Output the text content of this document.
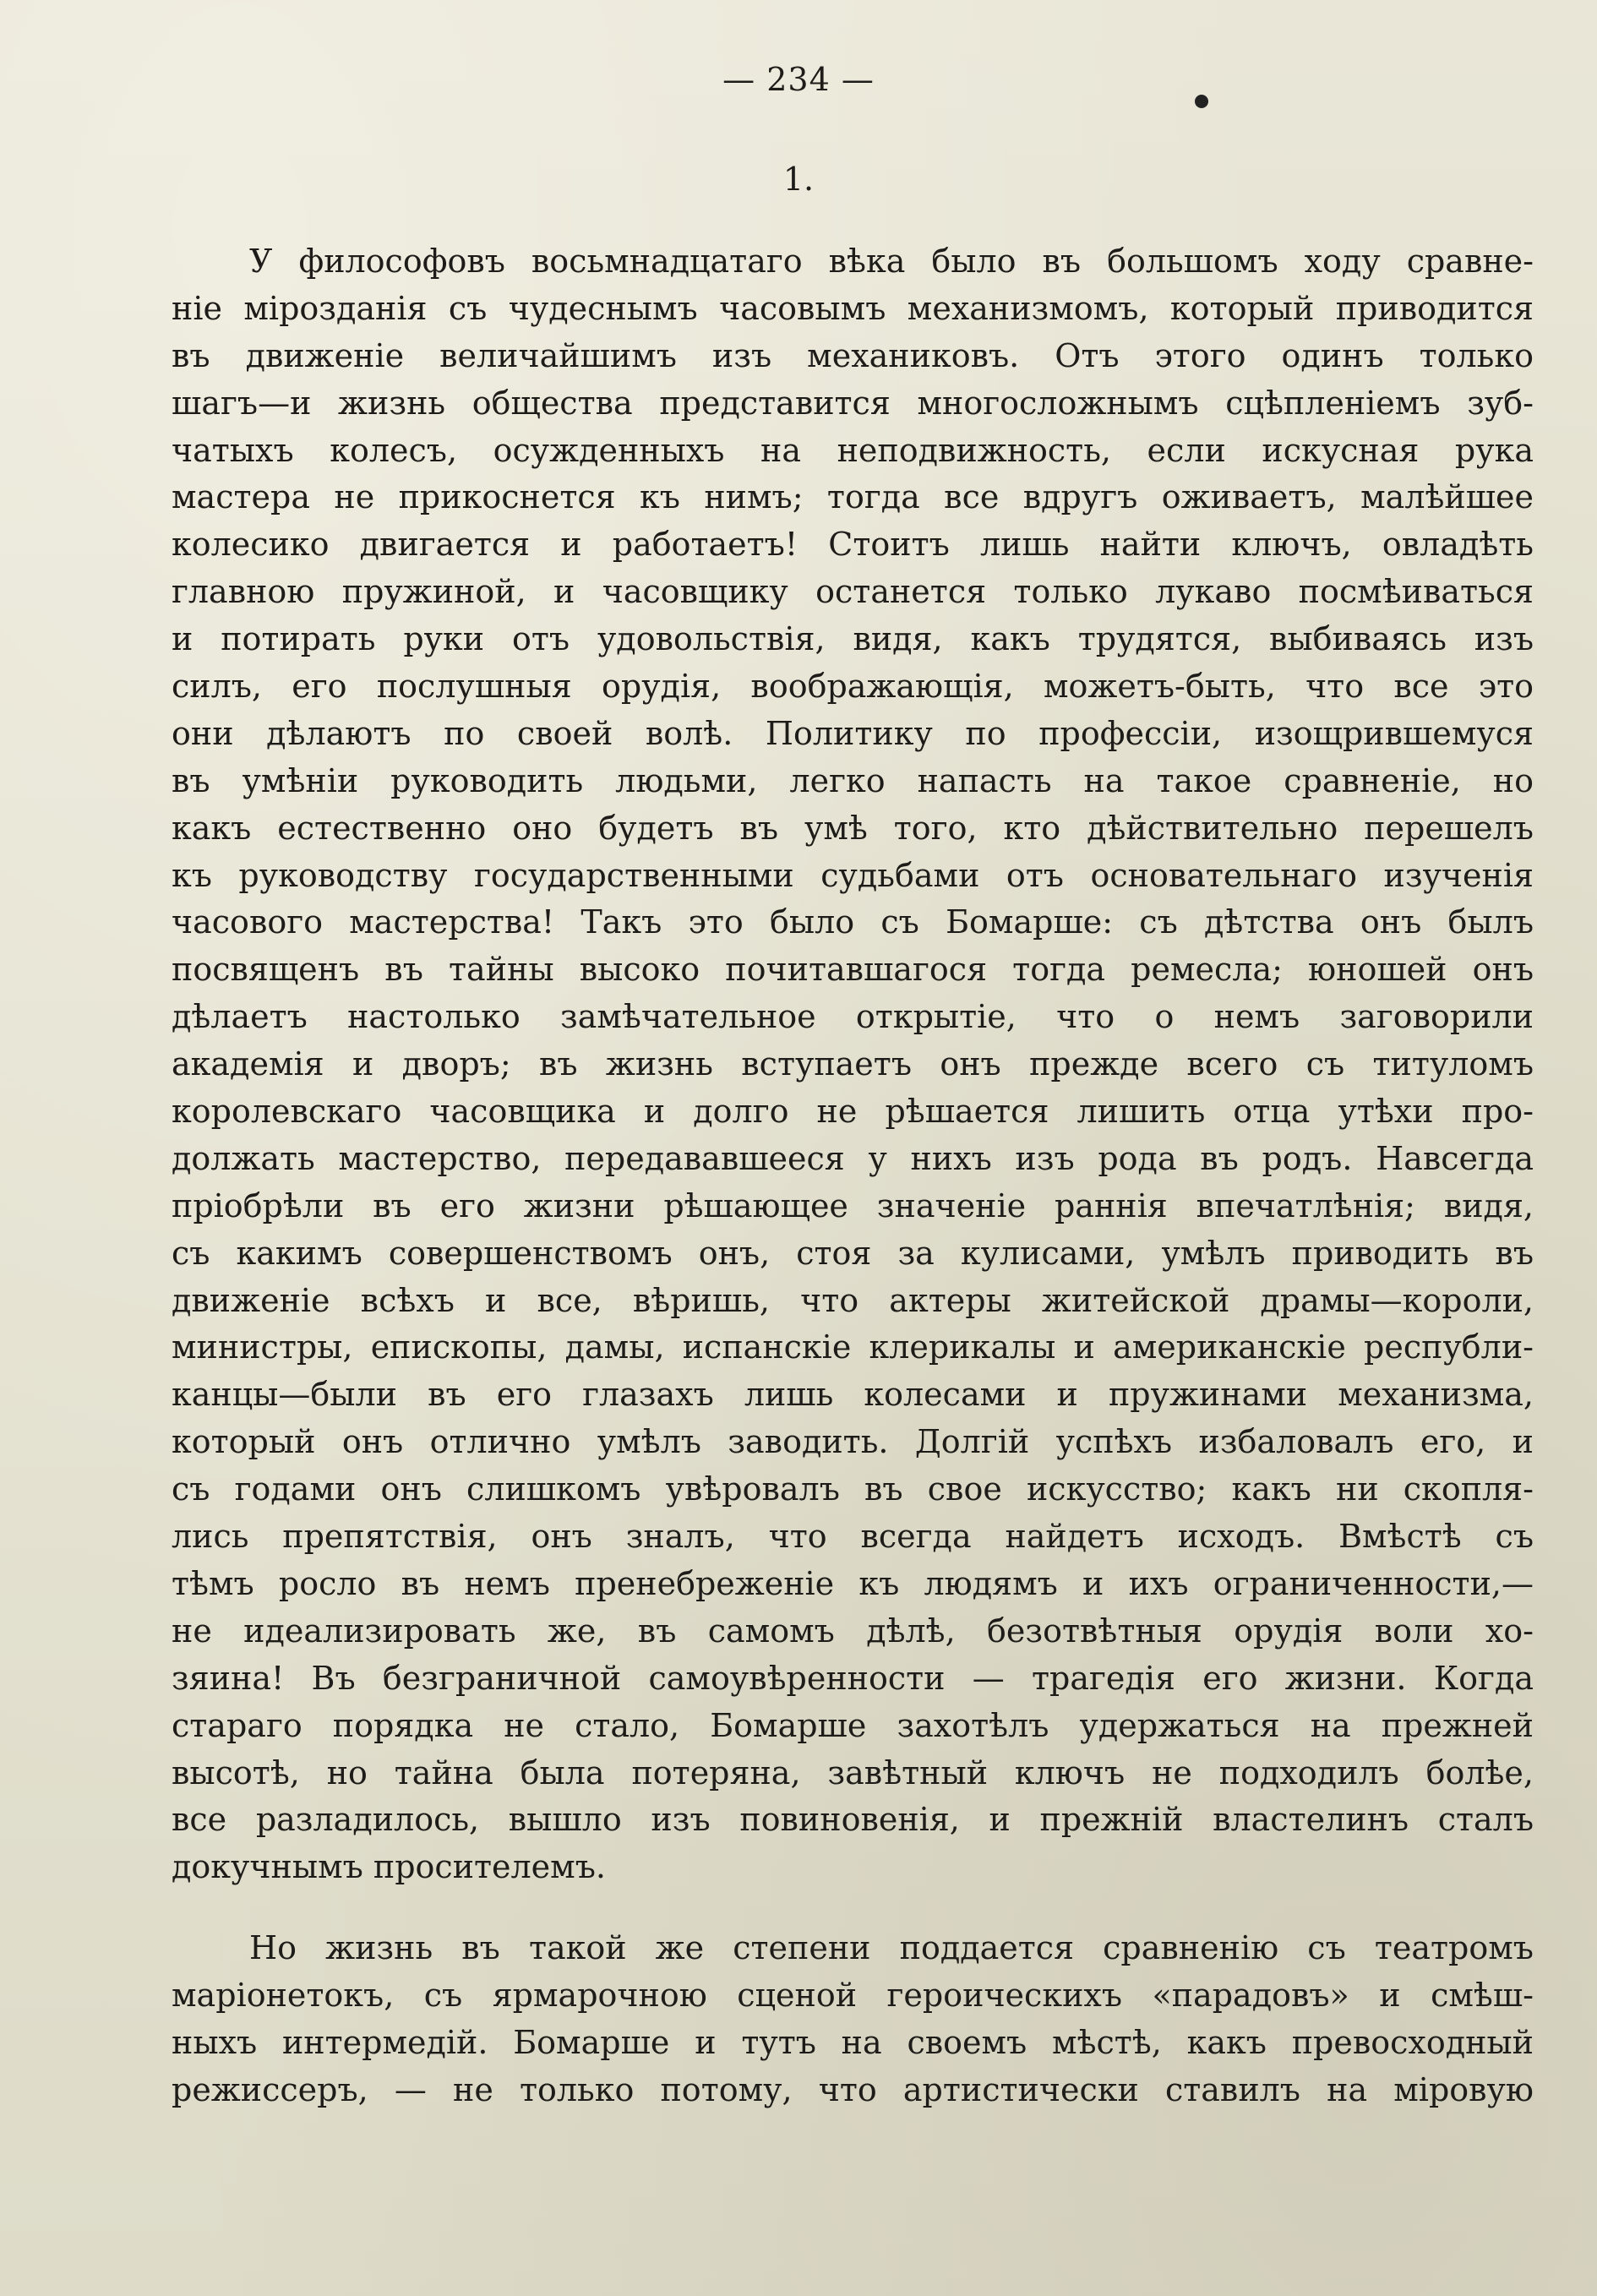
— 234 —
1.
У философовъ восьмнадцатаго вѣка было въ большомъ ходу сравне-
ніе мірозданія съ чудеснымъ часовымъ механизмомъ, который приводится
въ движеніе величайшимъ изъ механиковъ. Отъ этого одинъ только
шагъ—и жизнь общества представится многосложнымъ сцѣпленіемъ зуб-
чатыхъ колесъ, осужденныхъ на неподвижность, если искусная рука
мастера не прикоснется къ нимъ; тогда все вдругъ оживаетъ, малѣйшее
колесико двигается и работаетъ! Стоитъ лишь найти ключъ, овладѣть
главною пружиной, и часовщику останется только лукаво посмѣиваться
и потирать руки отъ удовольствія, видя, какъ трудятся, выбиваясь изъ
силъ, его послушныя орудія, воображающія, можетъ-быть, что все это
они дѣлаютъ по своей волѣ. Политику по профессіи, изощрившемуся
въ умѣніи руководить людьми, легко напасть на такое сравненіе, но
какъ естественно оно будетъ въ умѣ того, кто дѣйствительно перешелъ
къ руководству государственными судьбами отъ основательнаго изученія
часового мастерства! Такъ это было съ Бомарше: съ дѣтства онъ былъ
посвященъ въ тайны высоко почитавшагося тогда ремесла; юношей онъ
дѣлаетъ настолько замѣчательное открытіе, что о немъ заговорили
академія и дворъ; въ жизнь вступаетъ онъ прежде всего съ титуломъ
королевскаго часовщика и долго не рѣшается лишить отца утѣхи про-
должать мастерство, передававшееся у нихъ изъ рода въ родъ. Навсегда
пріобрѣли въ его жизни рѣшающее значеніе раннія впечатлѣнія; видя,
съ какимъ совершенствомъ онъ, стоя за кулисами, умѣлъ приводить въ
движеніе всѣхъ и все, вѣришь, что актеры житейской драмы—короли,
министры, епископы, дамы, испанскіе клерикалы и американскіе республи-
канцы—были въ его глазахъ лишь колесами и пружинами механизма,
который онъ отлично умѣлъ заводить. Долгій успѣхъ избаловалъ его, и
съ годами онъ слишкомъ увѣровалъ въ свое искусство; какъ ни скопля-
лись препятствія, онъ зналъ, что всегда найдетъ исходъ. Вмѣстѣ съ
тѣмъ росло въ немъ пренебреженіе къ людямъ и ихъ ограниченности,—
не идеализировать же, въ самомъ дѣлѣ, безотвѣтныя орудія воли хо-
зяина! Въ безграничной самоувѣренности — трагедія его жизни. Когда
стараго порядка не стало, Бомарше захотѣлъ удержаться на прежней
высотѣ, но тайна была потеряна, завѣтный ключъ не подходилъ болѣе,
все разладилось, вышло изъ повиновенія, и прежній властелинъ сталъ
докучнымъ просителемъ.
Но жизнь въ такой же степени поддается сравненію съ театромъ
маріонетокъ, съ ярмарочною сценой героическихъ «парадовъ» и смѣш-
ныхъ интермедій. Бомарше и тутъ на своемъ мѣстѣ, какъ превосходный
режиссеръ, — не только потому, что артистически ставилъ на міровую
